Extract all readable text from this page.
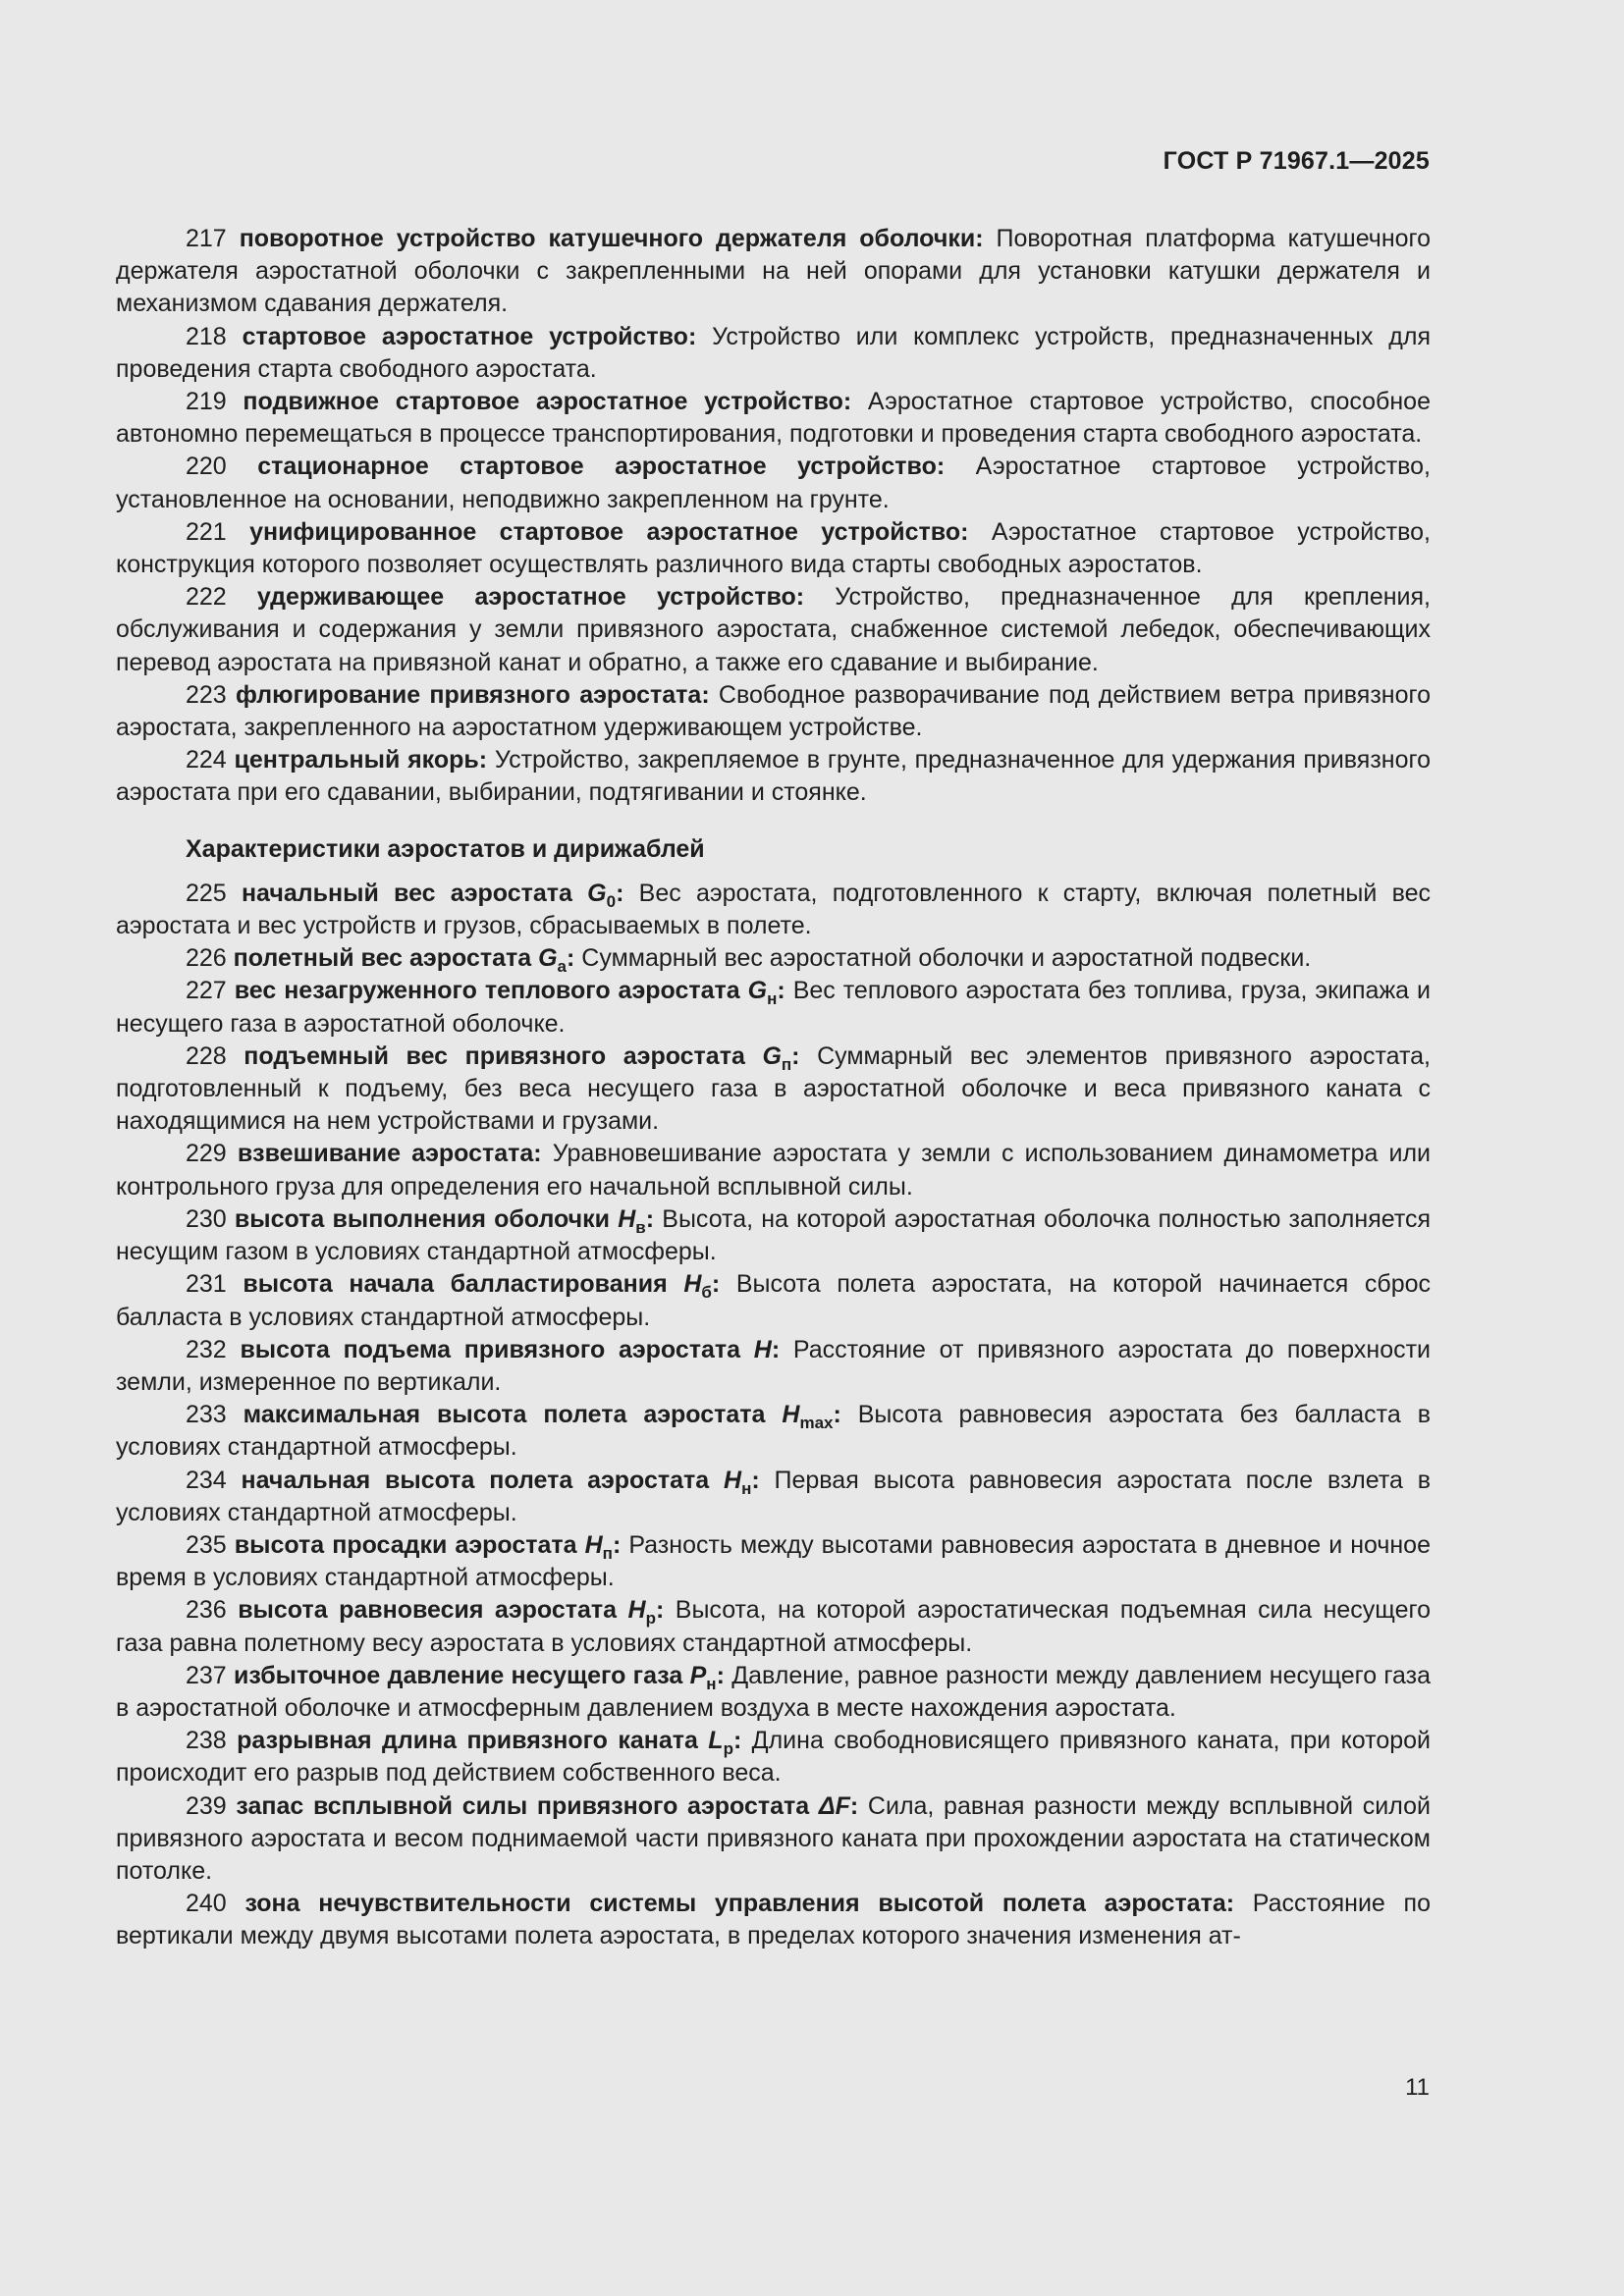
ГОСТ Р 71967.1—2025

217 поворотное устройство катушечного держателя оболочки: Поворотная платформа катушечного держателя аэростатной оболочки с закрепленными на ней опорами для установки катушки держателя и механизмом сдавания держателя.

218 стартовое аэростатное устройство: Устройство или комплекс устройств, предназначенных для проведения старта свободного аэростата.

219 подвижное стартовое аэростатное устройство: Аэростатное стартовое устройство, способное автономно перемещаться в процессе транспортирования, подготовки и проведения старта свободного аэростата.

220 стационарное стартовое аэростатное устройство: Аэростатное стартовое устройство, установленное на основании, неподвижно закрепленном на грунте.

221 унифицированное стартовое аэростатное устройство: Аэростатное стартовое устройство, конструкция которого позволяет осуществлять различного вида старты свободных аэростатов.

222 удерживающее аэростатное устройство: Устройство, предназначенное для крепления, обслуживания и содержания у земли привязного аэростата, снабженное системой лебедок, обеспечивающих перевод аэростата на привязной канат и обратно, а также его сдавание и выбирание.

223 флюгирование привязного аэростата: Свободное разворачивание под действием ветра привязного аэростата, закрепленного на аэростатном удерживающем устройстве.

224 центральный якорь: Устройство, закрепляемое в грунте, предназначенное для удержания привязного аэростата при его сдавании, выбирании, подтягивании и стоянке.

Характеристики аэростатов и дирижаблей

225 начальный вес аэростата $G_0$: Вес аэростата, подготовленного к старту, включая полетный вес аэростата и вес устройств и грузов, сбрасываемых в полете.

226 полетный вес аэростата $G_а$: Суммарный вес аэростатной оболочки и аэростатной подвески.

227 вес незагруженного теплового аэростата $G_н$: Вес теплового аэростата без топлива, груза, экипажа и несущего газа в аэростатной оболочке.

228 подъемный вес привязного аэростата $G_п$: Суммарный вес элементов привязного аэростата, подготовленный к подъему, без веса несущего газа в аэростатной оболочке и веса привязного каната с находящимися на нем устройствами и грузами.

229 взвешивание аэростата: Уравновешивание аэростата у земли с использованием динамометра или контрольного груза для определения его начальной всплывной силы.

230 высота выполнения оболочки $H_в$: Высота, на которой аэростатная оболочка полностью заполняется несущим газом в условиях стандартной атмосферы.

231 высота начала балластирования $H_б$: Высота полета аэростата, на которой начинается сброс балласта в условиях стандартной атмосферы.

232 высота подъема привязного аэростата H: Расстояние от привязного аэростата до поверхности земли, измеренное по вертикали.

233 максимальная высота полета аэростата $H_{max}$: Высота равновесия аэростата без балласта в условиях стандартной атмосферы.

234 начальная высота полета аэростата $H_н$: Первая высота равновесия аэростата после взлета в условиях стандартной атмосферы.

235 высота просадки аэростата $H_п$: Разность между высотами равновесия аэростата в дневное и ночное время в условиях стандартной атмосферы.

236 высота равновесия аэростата $H_р$: Высота, на которой аэростатическая подъемная сила несущего газа равна полетному весу аэростата в условиях стандартной атмосферы.

237 избыточное давление несущего газа $P_н$: Давление, равное разности между давлением несущего газа в аэростатной оболочке и атмосферным давлением воздуха в месте нахождения аэростата.

238 разрывная длина привязного каната $L_р$: Длина свободновисящего привязного каната, при которой происходит его разрыв под действием собственного веса.

239 запас всплывной силы привязного аэростата ΔF: Сила, равная разности между всплывной силой привязного аэростата и весом поднимаемой части привязного каната при прохождении аэростата на статическом потолке.

240 зона нечувствительности системы управления высотой полета аэростата: Расстояние по вертикали между двумя высотами полета аэростата, в пределах которого значения изменения ат-

11
